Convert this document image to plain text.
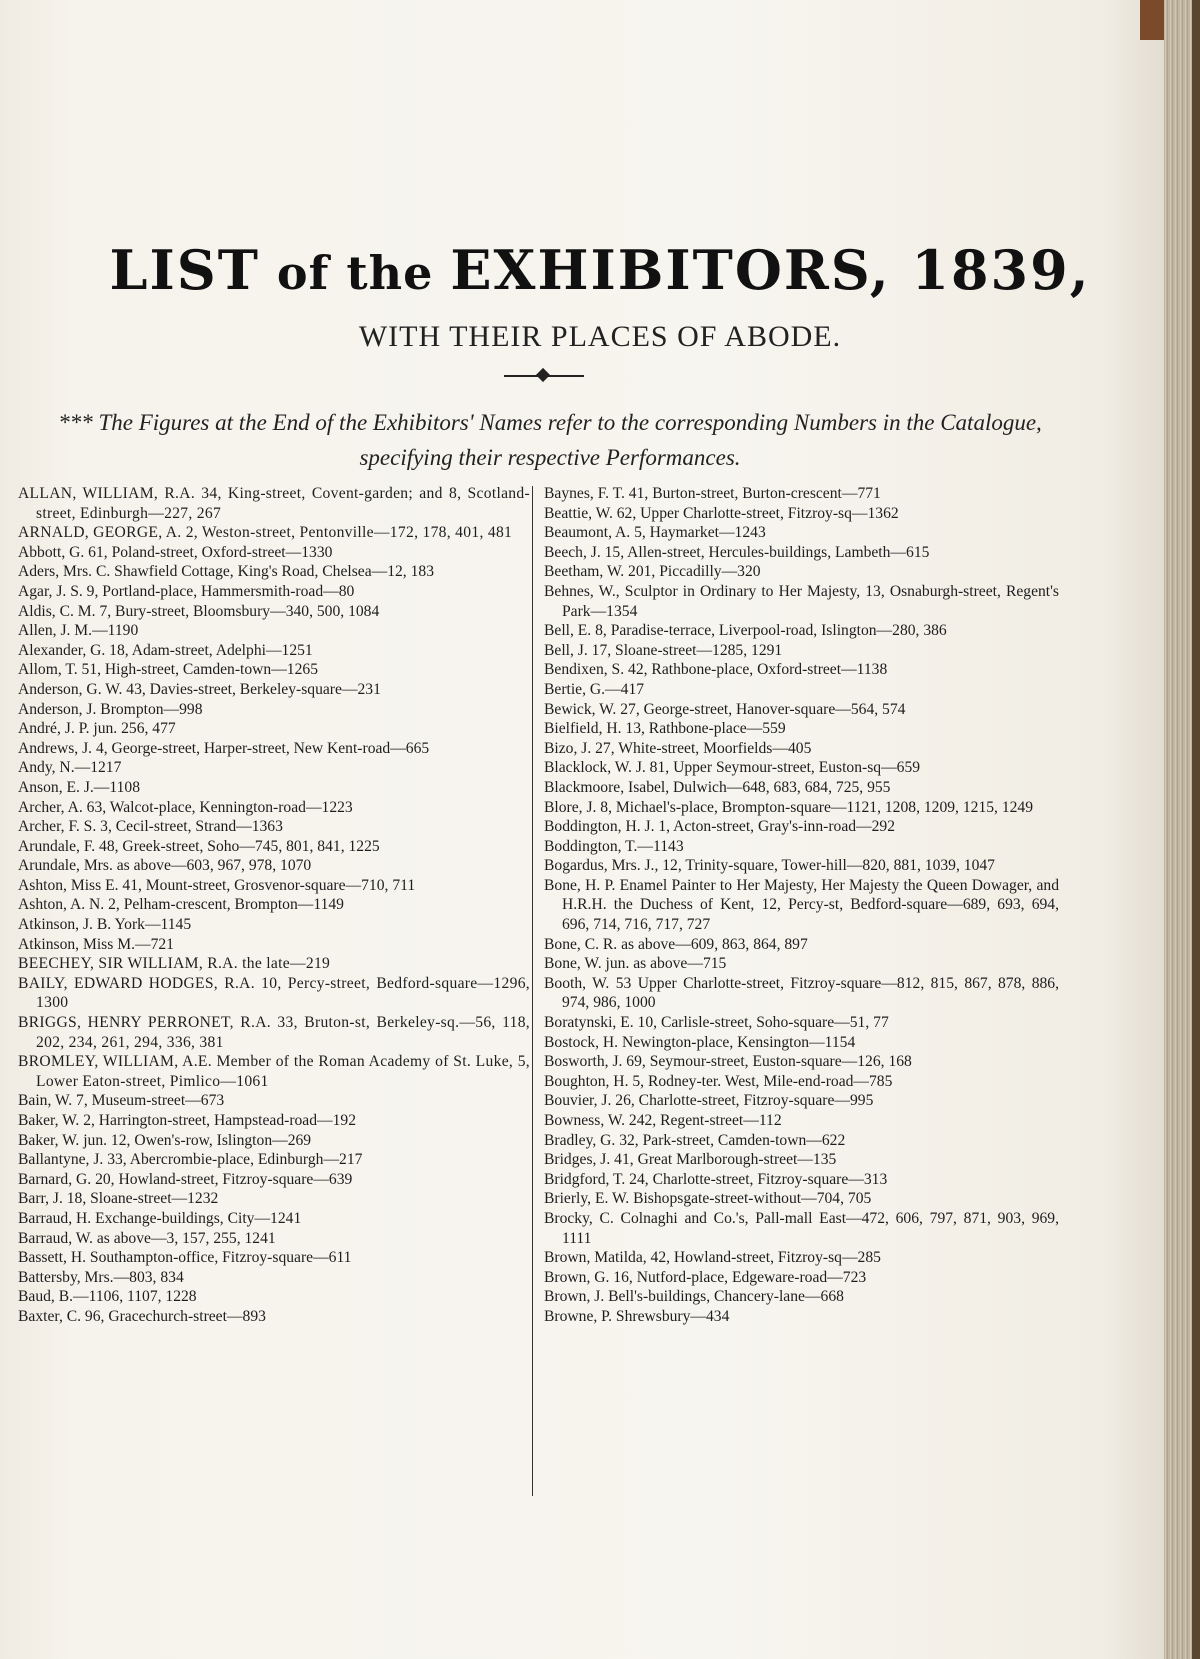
LIST of the EXHIBITORS, 1839,
WITH THEIR PLACES OF ABODE.
*** The Figures at the End of the Exhibitors' Names refer to the corresponding Numbers in the Catalogue, specifying their respective Performances.
ALLAN, WILLIAM, R.A. 34, King-street, Covent-garden; and 8, Scotland-street, Edinburgh—227, 267
ARNALD, GEORGE, A. 2, Weston-street, Pentonville—172, 178, 401, 481
Abbott, G. 61, Poland-street, Oxford-street—1330
Aders, Mrs. C. Shawfield Cottage, King's Road, Chelsea—12, 183
Agar, J. S. 9, Portland-place, Hammersmith-road—80
Aldis, C. M. 7, Bury-street, Bloomsbury—340, 500, 1084
Allen, J. M.—1190
Alexander, G. 18, Adam-street, Adelphi—1251
Allom, T. 51, High-street, Camden-town—1265
Anderson, G. W. 43, Davies-street, Berkeley-square—231
Anderson, J. Brompton—998
André, J. P. jun. 256, 477
Andrews, J. 4, George-street, Harper-street, New Kent-road—665
Andy, N.—1217
Anson, E. J.—1108
Archer, A. 63, Walcot-place, Kennington-road—1223
Archer, F. S. 3, Cecil-street, Strand—1363
Arundale, F. 48, Greek-street, Soho—745, 801, 841, 1225
Arundale, Mrs. as above—603, 967, 978, 1070
Ashton, Miss E. 41, Mount-street, Grosvenor-square—710, 711
Ashton, A. N. 2, Pelham-crescent, Brompton—1149
Atkinson, J. B. York—1145
Atkinson, Miss M.—721
BEECHEY, SIR WILLIAM, R.A. the late—219
BAILY, EDWARD HODGES, R.A. 10, Percy-street, Bedford-square—1296, 1300
BRIGGS, HENRY PERRONET, R.A. 33, Bruton-st, Berkeley-sq.—56, 118, 202, 234, 261, 294, 336, 381
BROMLEY, WILLIAM, A.E. Member of the Roman Academy of St. Luke, 5, Lower Eaton-street, Pimlico—1061
Bain, W. 7, Museum-street—673
Baker, W. 2, Harrington-street, Hampstead-road—192
Baker, W. jun. 12, Owen's-row, Islington—269
Ballantyne, J. 33, Abercrombie-place, Edinburgh—217
Barnard, G. 20, Howland-street, Fitzroy-square—639
Barr, J. 18, Sloane-street—1232
Barraud, H. Exchange-buildings, City—1241
Barraud, W. as above—3, 157, 255, 1241
Bassett, H. Southampton-office, Fitzroy-square—611
Battersby, Mrs.—803, 834
Baud, B.—1106, 1107, 1228
Baxter, C. 96, Gracechurch-street—893
Baynes, F. T. 41, Burton-street, Burton-crescent—771
Beattie, W. 62, Upper Charlotte-street, Fitzroy-sq—1362
Beaumont, A. 5, Haymarket—1243
Beech, J. 15, Allen-street, Hercules-buildings, Lambeth—615
Beetham, W. 201, Piccadilly—320
Behnes, W., Sculptor in Ordinary to Her Majesty, 13, Osnaburgh-street, Regent's Park—1354
Bell, E. 8, Paradise-terrace, Liverpool-road, Islington—280, 386
Bell, J. 17, Sloane-street—1285, 1291
Bendixen, S. 42, Rathbone-place, Oxford-street—1138
Bertie, G.—417
Bewick, W. 27, George-street, Hanover-square—564, 574
Bielfield, H. 13, Rathbone-place—559
Bizo, J. 27, White-street, Moorfields—405
Blacklock, W. J. 81, Upper Seymour-street, Euston-sq—659
Blackmoore, Isabel, Dulwich—648, 683, 684, 725, 955
Blore, J. 8, Michael's-place, Brompton-square—1121, 1208, 1209, 1215, 1249
Boddington, H. J. 1, Acton-street, Gray's-inn-road—292
Boddington, T.—1143
Bogardus, Mrs. J., 12, Trinity-square, Tower-hill—820, 881, 1039, 1047
Bone, H. P. Enamel Painter to Her Majesty, Her Majesty the Queen Dowager, and H.R.H. the Duchess of Kent, 12, Percy-st, Bedford-square—689, 693, 694, 696, 714, 716, 717, 727
Bone, C. R. as above—609, 863, 864, 897
Bone, W. jun. as above—715
Booth, W. 53 Upper Charlotte-street, Fitzroy-square—812, 815, 867, 878, 886, 974, 986, 1000
Boratynski, E. 10, Carlisle-street, Soho-square—51, 77
Bostock, H. Newington-place, Kensington—1154
Bosworth, J. 69, Seymour-street, Euston-square—126, 168
Boughton, H. 5, Rodney-ter. West, Mile-end-road—785
Bouvier, J. 26, Charlotte-street, Fitzroy-square—995
Bowness, W. 242, Regent-street—112
Bradley, G. 32, Park-street, Camden-town—622
Bridges, J. 41, Great Marlborough-street—135
Bridgford, T. 24, Charlotte-street, Fitzroy-square—313
Brierly, E. W. Bishopsgate-street-without—704, 705
Brocky, C. Colnaghi and Co.'s, Pall-mall East—472, 606, 797, 871, 903, 969, 1111
Brown, Matilda, 42, Howland-street, Fitzroy-sq—285
Brown, G. 16, Nutford-place, Edgeware-road—723
Brown, J. Bell's-buildings, Chancery-lane—668
Browne, P. Shrewsbury—434
